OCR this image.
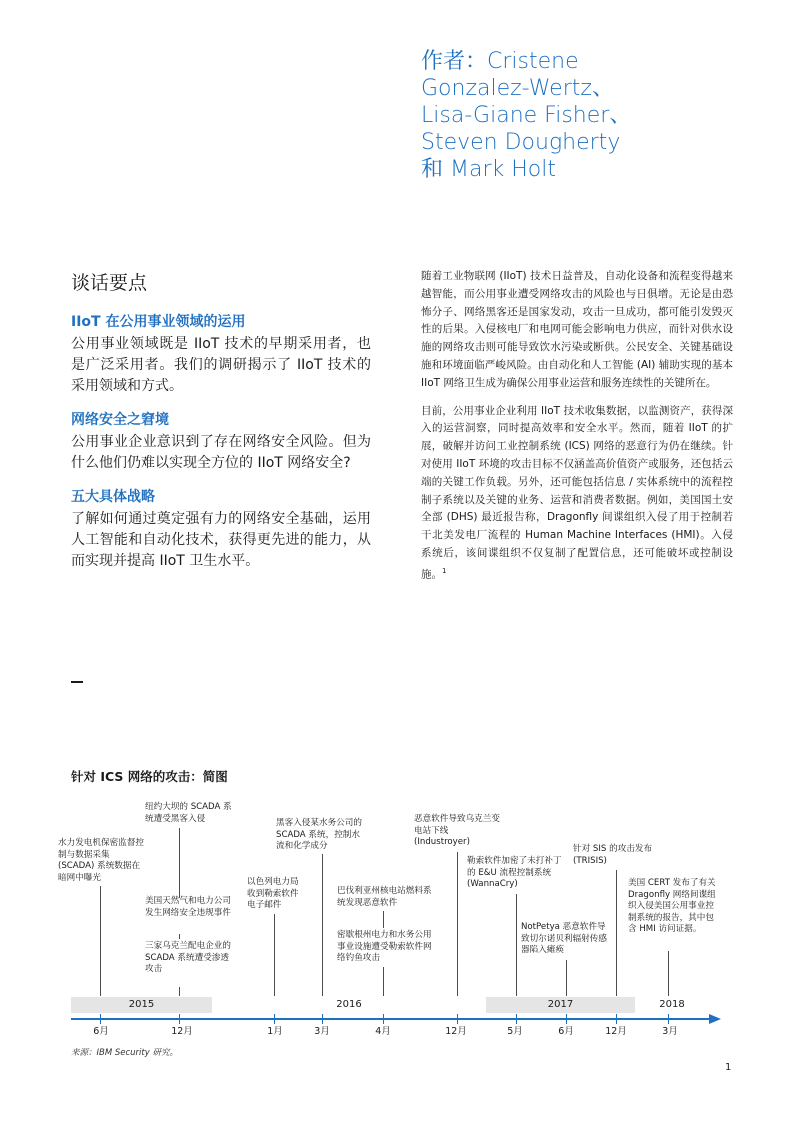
作者：Cristene
Gonzalez-Wertz、
Lisa-Giane Fisher、
Steven Dougherty
和 Mark Holt
谈话要点
IIoT 在公用事业领域的运用

公用事业领域既是 IIoT 技术的早期采用者，也是广泛采用者。我们的调研揭示了 IIoT 技术的采用领域和方式。

网络安全之窘境

公用事业企业意识到了存在网络安全风险。但为什么他们仍难以实现全方位的 IIoT 网络安全?

五大具体战略

了解如何通过奠定强有力的网络安全基础，运用人工智能和自动化技术，获得更先进的能力，从而实现并提高 IIoT 卫生水平。

随着工业物联网 (IIoT) 技术日益普及，自动化设备和流程变得越来越智能，而公用事业遭受网络攻击的风险也与日俱增。无论是由恐怖分子、网络黑客还是国家发动，攻击一旦成功，都可能引发毁灭性的后果。入侵核电厂和电网可能会影响电力供应，而针对供水设施的网络攻击则可能导致饮水污染或断供。公民安全、关键基础设施和环境面临严峻风险。由自动化和人工智能 (AI) 辅助实现的基本 IIoT 网络卫生成为确保公用事业运营和服务连续性的关键所在。

目前，公用事业企业利用 IIoT 技术收集数据，以监测资产，获得深入的运营洞察，同时提高效率和安全水平。然而，随着 IIoT 的扩展，破解并访问工业控制系统 (ICS) 网络的恶意行为仍在继续。针对使用 IIoT 环境的攻击目标不仅涵盖高价值资产或服务，还包括云端的关键工作负载。另外，还可能包括信息 / 实体系统中的流程控制子系统以及关键的业务、运营和消费者数据。例如，美国国土安全部 (DHS) 最近报告称，Dragonfly 间谍组织入侵了用于控制若干北美发电厂流程的 Human Machine Interfaces (HMI)。入侵系统后，该间谍组织不仅复制了配置信息，还可能破坏或控制设施。$^1$

针对 ICS 网络的攻击：简图
水力发电机保密监督控制与数据采集 (SCADA) 系统数据在暗网中曝光
纽约大坝的 SCADA 系统遭受黑客入侵
美国天然气和电力公司发生网络安全违规事件
三家乌克兰配电企业的 SCADA 系统遭受渗透攻击
以色列电力局收到勒索软件电子邮件
黑客入侵某水务公司的 SCADA 系统，控制水流和化学成分
巴伐利亚州核电站燃料系统发现恶意软件
密歇根州电力和水务公用事业设施遭受勒索软件网络钓鱼攻击
恶意软件导致乌克兰变电站下线 (Industroyer)
勒索软件加密了未打补丁的 E&U 流程控制系统 (WannaCry)
NotPetya 恶意软件导致切尔诺贝利辐射传感器陷入瘫痪
针对 SIS 的攻击发布 (TRISIS)
美国 CERT 发布了有关 Dragonfly 网络间谍组织入侵美国公用事业控制系统的报告，其中包含 HMI 访问证据。
2015	2016	2017	2018
6月	12月	1月	3月	4月	12月	5月	6月	12月	3月
来源：IBM Security 研究。
1
